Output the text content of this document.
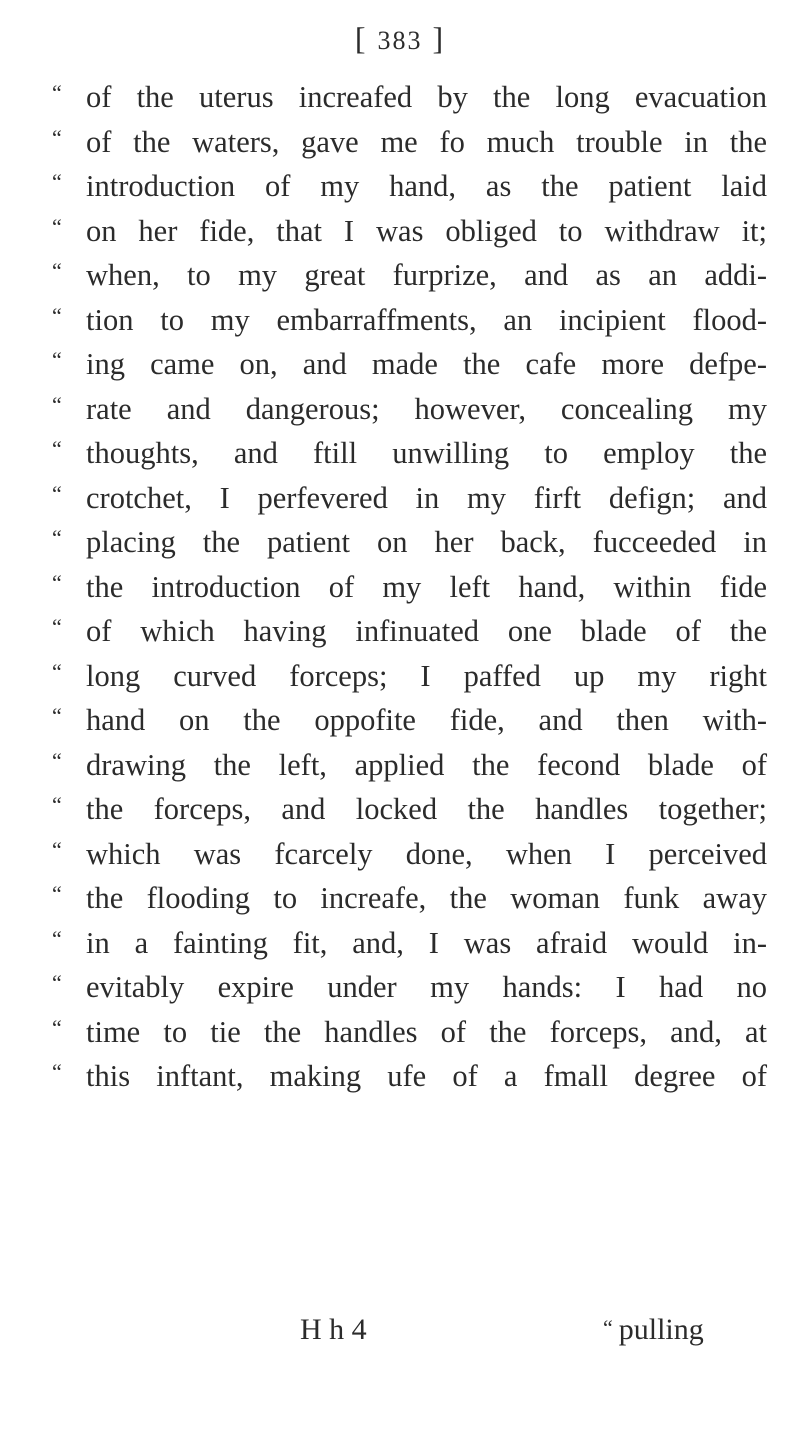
[ 383 ]
“ of the uterus increafed by the long evacuation
“ of the waters, gave me fo much trouble in the
“ introduction of my hand, as the patient laid
“ on her fide, that I was obliged to withdraw it;
“ when, to my great furprize, and as an addi-
“ tion to my embarraffments, an incipient flood-
“ ing came on, and made the cafe more defpe-
“ rate and dangerous; however, concealing my
“ thoughts, and ftill unwilling to employ the
“ crotchet, I perfevered in my firft defign; and
“ placing the patient on her back, fucceeded in
“ the introduction of my left hand, within fide
“ of which having infinuated one blade of the
“ long curved forceps; I paffed up my right
“ hand on the oppofite fide, and then with-
“ drawing the left, applied the fecond blade of
“ the forceps, and locked the handles together;
“ which was fcarcely done, when I perceived
“ the flooding to increafe, the woman funk away
“ in a fainting fit, and, I was afraid would in-
“ evitably expire under my hands: I had no
“ time to tie the handles of the forceps, and, at
“ this inftant, making ufe of a fmall degree of
H h 4	“ pulling
